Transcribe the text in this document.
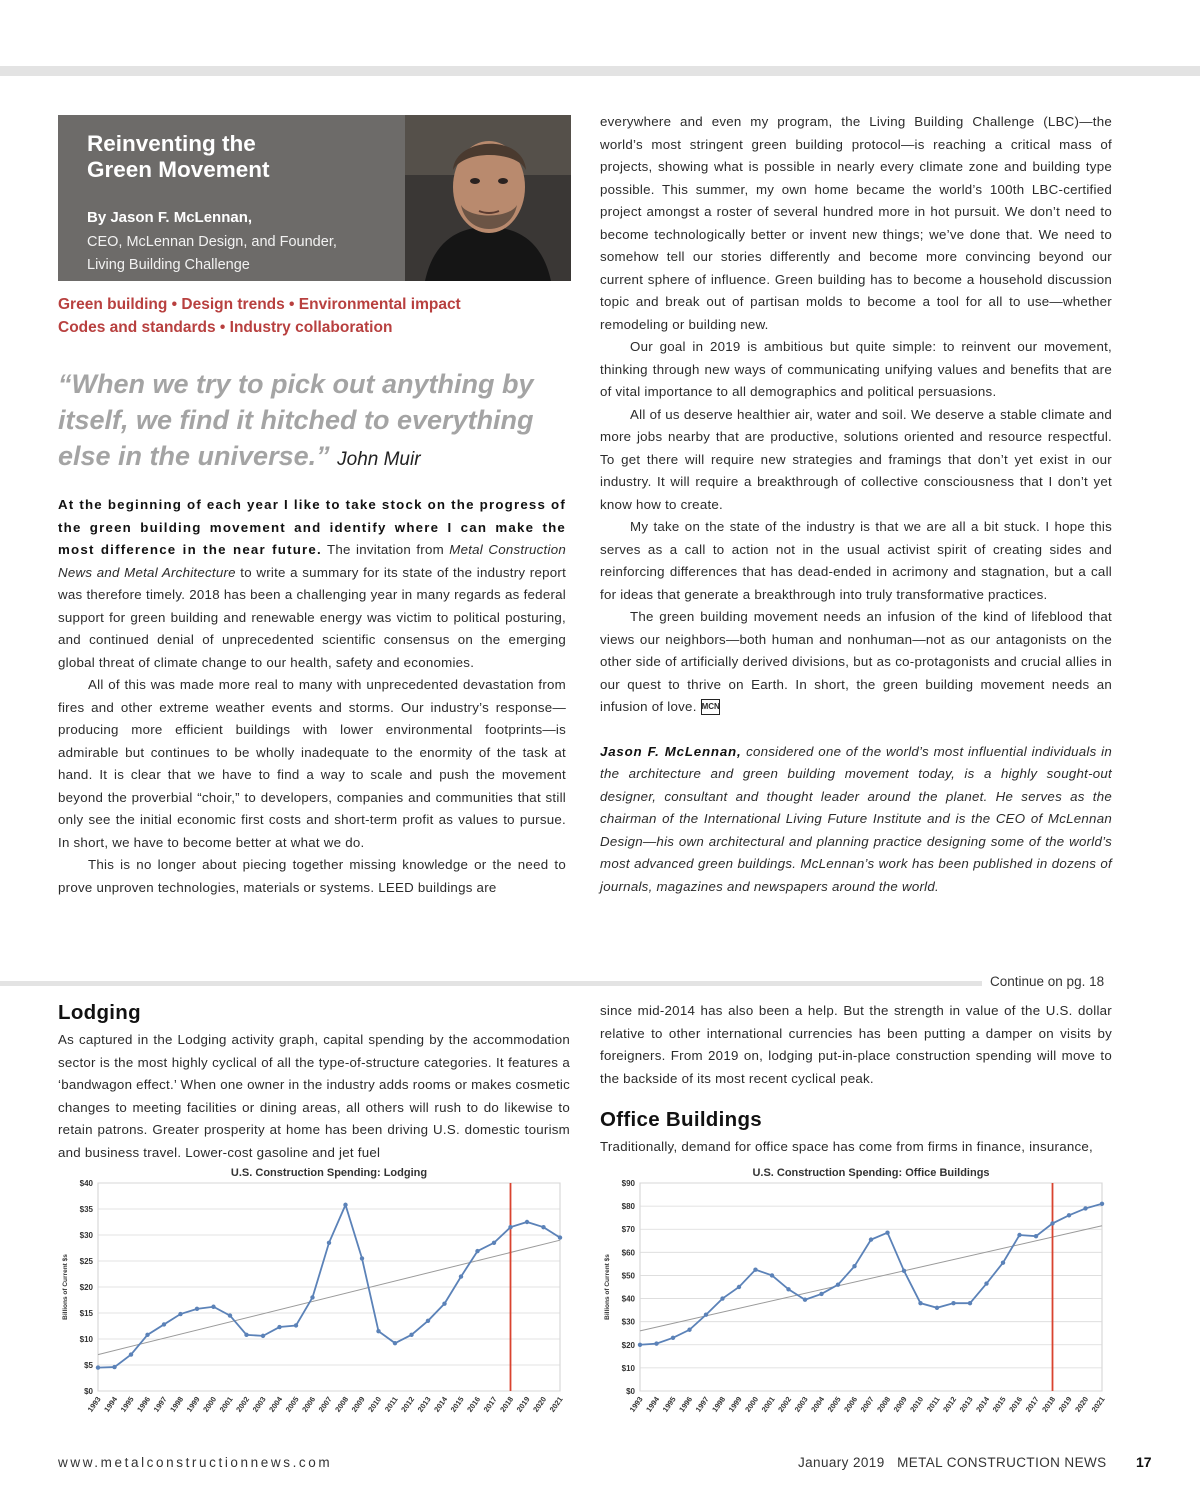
Reinventing the
Green Movement
By Jason F. McLennan,
CEO, McLennan Design, and Founder,
Living Building Challenge
Green building • Design trends • Environmental impact
Codes and standards • Industry collaboration
“When we try to pick out anything by itself, we find it hitched to everything else in the universe.” John Muir

At the beginning of each year I like to take stock on the progress of the green building movement and identify where I can make the most difference in the near future. The invitation from Metal Construction News and Metal Architecture to write a summary for its state of the industry report was therefore timely. 2018 has been a challenging year in many regards as federal support for green building and renewable energy was victim to political posturing, and continued denial of unprecedented scientific consensus on the emerging global threat of climate change to our health, safety and economies.

All of this was made more real to many with unprecedented devastation from fires and other extreme weather events and storms. Our industry’s response—producing more efficient buildings with lower environmental footprints—is admirable but continues to be wholly inadequate to the enormity of the task at hand. It is clear that we have to find a way to scale and push the movement beyond the proverbial “choir,” to developers, companies and communities that still only see the initial economic first costs and short-term profit as values to pursue. In short, we have to become better at what we do.

This is no longer about piecing together missing knowledge or the need to prove unproven technologies, materials or systems. LEED buildings are

everywhere and even my program, the Living Building Challenge (LBC)—the world’s most stringent green building protocol—is reaching a critical mass of projects, showing what is possible in nearly every climate zone and building type possible. This summer, my own home became the world’s 100th LBC-certified project amongst a roster of several hundred more in hot pursuit. We don’t need to become technologically better or invent new things; we’ve done that. We need to somehow tell our stories differently and become more convincing beyond our current sphere of influence. Green building has to become a household discussion topic and break out of partisan molds to become a tool for all to use—whether remodeling or building new.

Our goal in 2019 is ambitious but quite simple: to reinvent our movement, thinking through new ways of communicating unifying values and benefits that are of vital importance to all demographics and political persuasions.

All of us deserve healthier air, water and soil. We deserve a stable climate and more jobs nearby that are productive, solutions oriented and resource respectful. To get there will require new strategies and framings that don’t yet exist in our industry. It will require a breakthrough of collective consciousness that I don’t yet know how to create.

My take on the state of the industry is that we are all a bit stuck. I hope this serves as a call to action not in the usual activist spirit of creating sides and reinforcing differences that has dead-ended in acrimony and stagnation, but a call for ideas that generate a breakthrough into truly transformative practices.

The green building movement needs an infusion of the kind of lifeblood that views our neighbors—both human and nonhuman—not as our antagonists on the other side of artificially derived divisions, but as co-protagonists and crucial allies in our quest to thrive on Earth. In short, the green building movement needs an infusion of love. MCN

Jason F. McLennan, considered one of the world’s most influential individuals in the architecture and green building movement today, is a highly sought-out designer, consultant and thought leader around the planet. He serves as the chairman of the International Living Future Institute and is the CEO of McLennan Design—his own architectural and planning practice designing some of the world’s most advanced green buildings. McLennan’s work has been published in dozens of journals, magazines and newspapers around the world.

Continue on pg. 18
Lodging

As captured in the Lodging activity graph, capital spending by the accommodation sector is the most highly cyclical of all the type-of-structure categories. It features a ‘bandwagon effect.’ When one owner in the industry adds rooms or makes cosmetic changes to meeting facilities or dining areas, all others will rush to do likewise to retain patrons. Greater prosperity at home has been driving U.S. domestic tourism and business travel. Lower-cost gasoline and jet fuel

since mid-2014 has also been a help. But the strength in value of the U.S. dollar relative to other international currencies has been putting a damper on visits by foreigners. From 2019 on, lodging put-in-place construction spending will move to the backside of its most recent cyclical peak.

Office Buildings

Traditionally, demand for office space has come from firms in finance, insurance,

U.S. Construction Spending: Lodging
$0
$5
$10
$15
$20
$25
$30
$35
$40
Billions of Current $s
1993 1994 1995 1996 1997 1998 1999 2000 2001 2002 2003 2004 2005 2006 2007 2008 2009 2010 2011 2012 2013 2014 2015 2016 2017 2018 2019 2020 2021
U.S. Construction Spending: Office Buildings
$0
$10
$20
$30
$40
$50
$60
$70
$80
$90
Billions of Current $s
1993 1994 1995 1996 1997 1998 1999 2000 2001 2002 2003 2004 2005 2006 2007 2008 2009 2010 2011 2012 2013 2014 2015 2016 2017 2018 2019 2020 2021
www.metalconstructionnews.com	January 2019 METAL CONSTRUCTION NEWS 17
